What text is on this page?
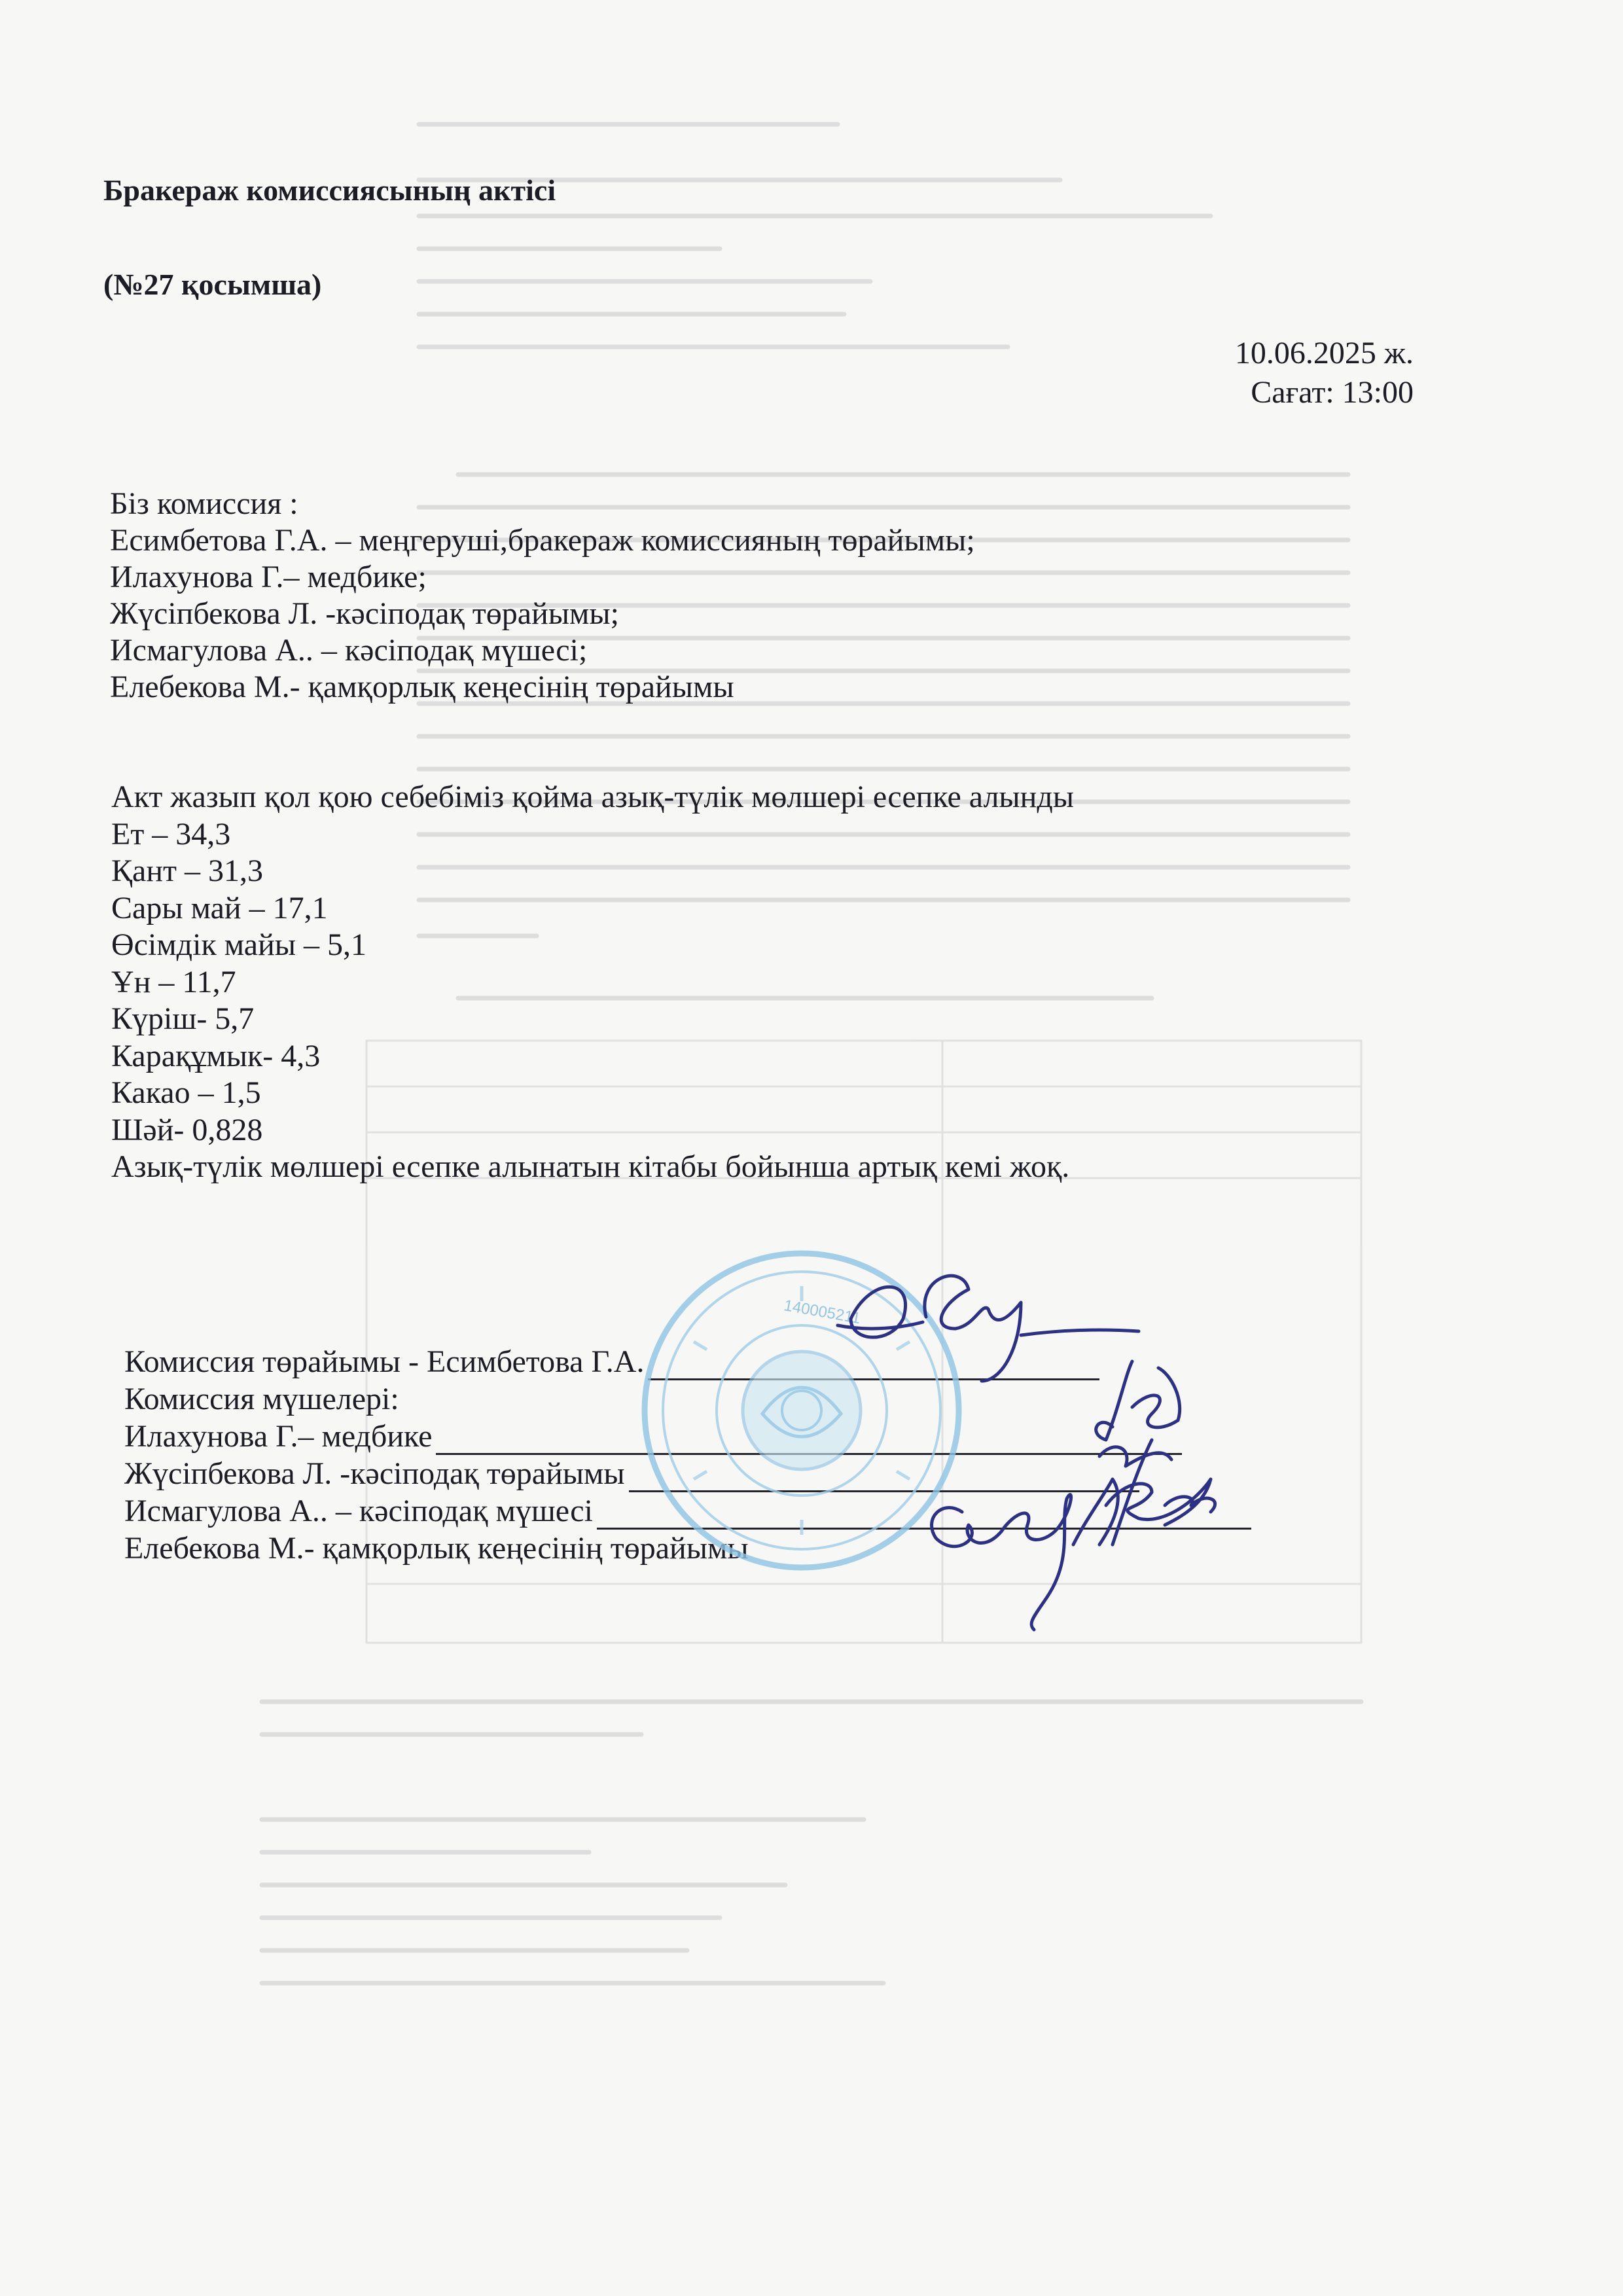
Бракераж комиссиясының актісі
(№27 қосымша)
10.06.2025 ж.
Сағат: 13:00
Біз комиссия :
Есимбетова Г.А. – меңгеруші,бракераж комиссияның төрайымы;
Илахунова Г.– медбике;
Жүсіпбекова Л. -кәсіподақ төрайымы;
Исмагулова А.. – кәсіподақ мүшесі;
Елебекова М.- қамқорлық кеңесінің төрайымы
Акт жазып қол қою себебіміз қойма азық-түлік мөлшері есепке алынды
Ет – 34,3
Қант – 31,3
Сары май – 17,1
Өсімдік майы – 5,1
Ұн – 11,7
Күріш- 5,7
Карақұмык- 4,3
Какао – 1,5
Шәй- 0,828
Азық-түлік мөлшері есепке алынатын кітабы бойынша артық кемі жоқ.
Комиссия төрайымы - Есимбетова Г.А.
Комиссия мүшелері:
Илахунова Г.– медбике
Жүсіпбекова Л. -кәсіподақ төрайымы
Исмагулова А.. – кәсіподақ мүшесі
Елебекова М.- қамқорлық кеңесінің төрайымы
140005211
